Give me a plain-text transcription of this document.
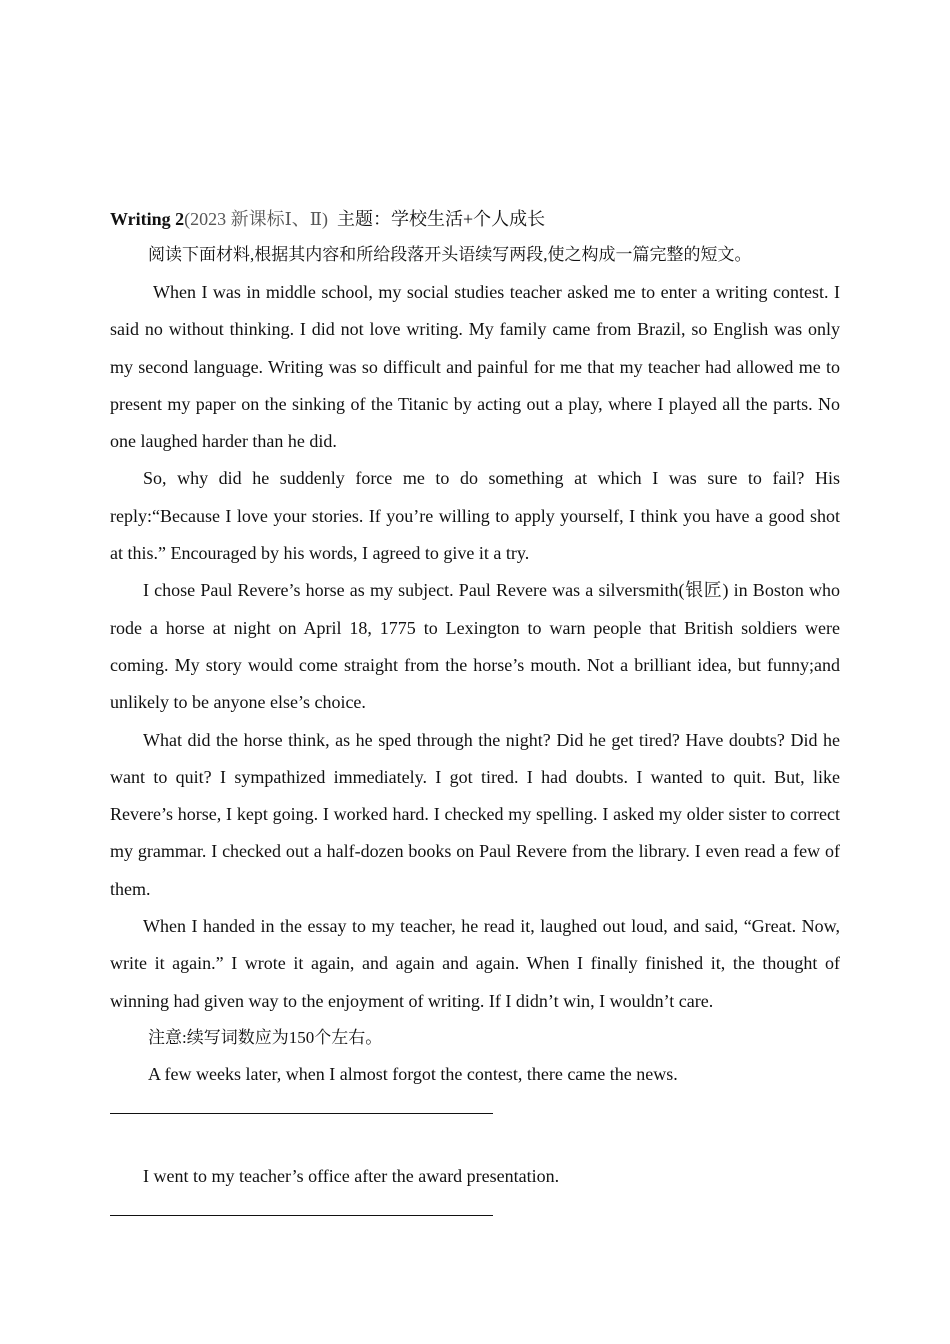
Writing 2(2023 新课标Ⅰ、Ⅱ) 主题：学校生活+个人成长

阅读下面材料,根据其内容和所给段落开头语续写两段,使之构成一篇完整的短文。

When I was in middle school, my social studies teacher asked me to enter a writing contest. I said no without thinking. I did not love writing. My family came from Brazil, so English was only my second language. Writing was so difficult and painful for me that my teacher had allowed me to present my paper on the sinking of the Titanic by acting out a play, where I played all the parts. No one laughed harder than he did.

So, why did he suddenly force me to do something at which I was sure to fail? His reply:“Because I love your stories. If you’re willing to apply yourself, I think you have a good shot at this.” Encouraged by his words, I agreed to give it a try.

I chose Paul Revere’s horse as my subject. Paul Revere was a silversmith(银匠) in Boston who rode a horse at night on April 18, 1775 to Lexington to warn people that British soldiers were coming. My story would come straight from the horse’s mouth. Not a brilliant idea, but funny;and unlikely to be anyone else’s choice.

What did the horse think, as he sped through the night? Did he get tired? Have doubts? Did he want to quit? I sympathized immediately. I got tired. I had doubts. I wanted to quit. But, like Revere’s horse, I kept going. I worked hard. I checked my spelling. I asked my older sister to correct my grammar. I checked out a half-dozen books on Paul Revere from the library. I even read a few of them.

When I handed in the essay to my teacher, he read it, laughed out loud, and said, “Great. Now, write it again.” I wrote it again, and again and again. When I finally finished it, the thought of winning had given way to the enjoyment of writing. If I didn’t win, I wouldn’t care.

注意:续写词数应为150个左右。

A few weeks later, when I almost forgot the contest, there came the news.

I went to my teacher’s office after the award presentation.
